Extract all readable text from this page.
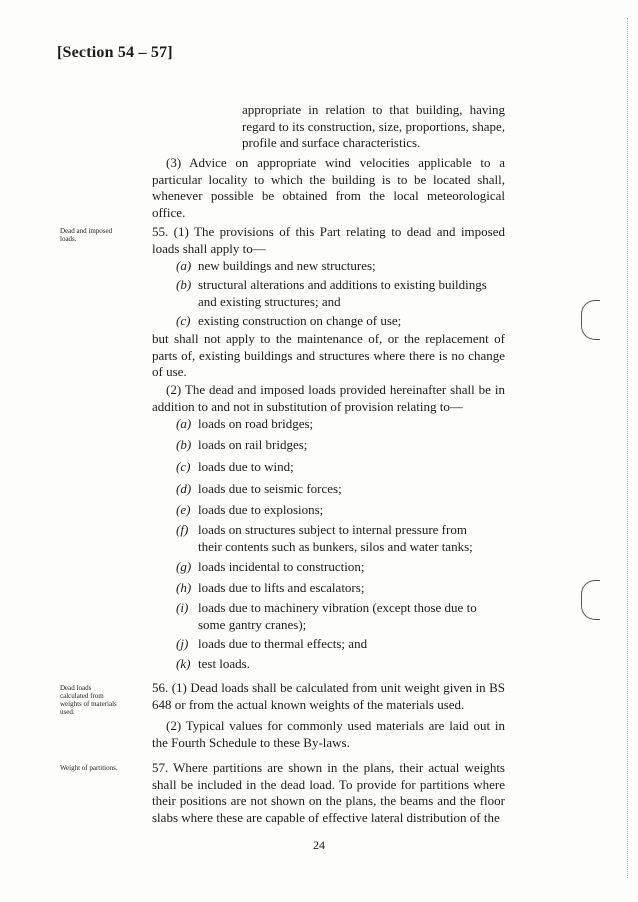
[Section 54 – 57]
appropriate in relation to that building, having regard to its construction, size, proportions, shape, profile and surface characteristics.
(3) Advice on appropriate wind velocities applicable to a particular locality to which the building is to be located shall, whenever possible be obtained from the local meteorological office.
Dead and imposed loads.	55. (1) The provisions of this Part relating to dead and imposed loads shall apply to—
(a) new buildings and new structures;
(b) structural alterations and additions to existing buildings
and existing structures; and
(c) existing construction on change of use;
but shall not apply to the maintenance of, or the replacement of parts of, existing buildings and structures where there is no change of use.
(2) The dead and imposed loads provided hereinafter shall be in addition to and not in substitution of provision relating to—
(a) loads on road bridges;
(b) loads on rail bridges;
(c) loads due to wind;
(d) loads due to seismic forces;
(e) loads due to explosions;
(f) loads on structures subject to internal pressure from
their contents such as bunkers, silos and water tanks;
(g) loads incidental to construction;
(h) loads due to lifts and escalators;
(i) loads due to machinery vibration (except those due to
some gantry cranes);
(j) loads due to thermal effects; and
(k) test loads.
Dead loads calculated from weights of materials used.
56. (1) Dead loads shall be calculated from unit weight given in BS 648 or from the actual known weights of the materials used.
(2) Typical values for commonly used materials are laid out in the Fourth Schedule to these By-laws.
Weight of partitions.	57. Where partitions are shown in the plans, their actual weights shall be included in the dead load. To provide for partitions where their positions are not shown on the plans, the beams and the floor slabs where these are capable of effective lateral distribution of the
24
